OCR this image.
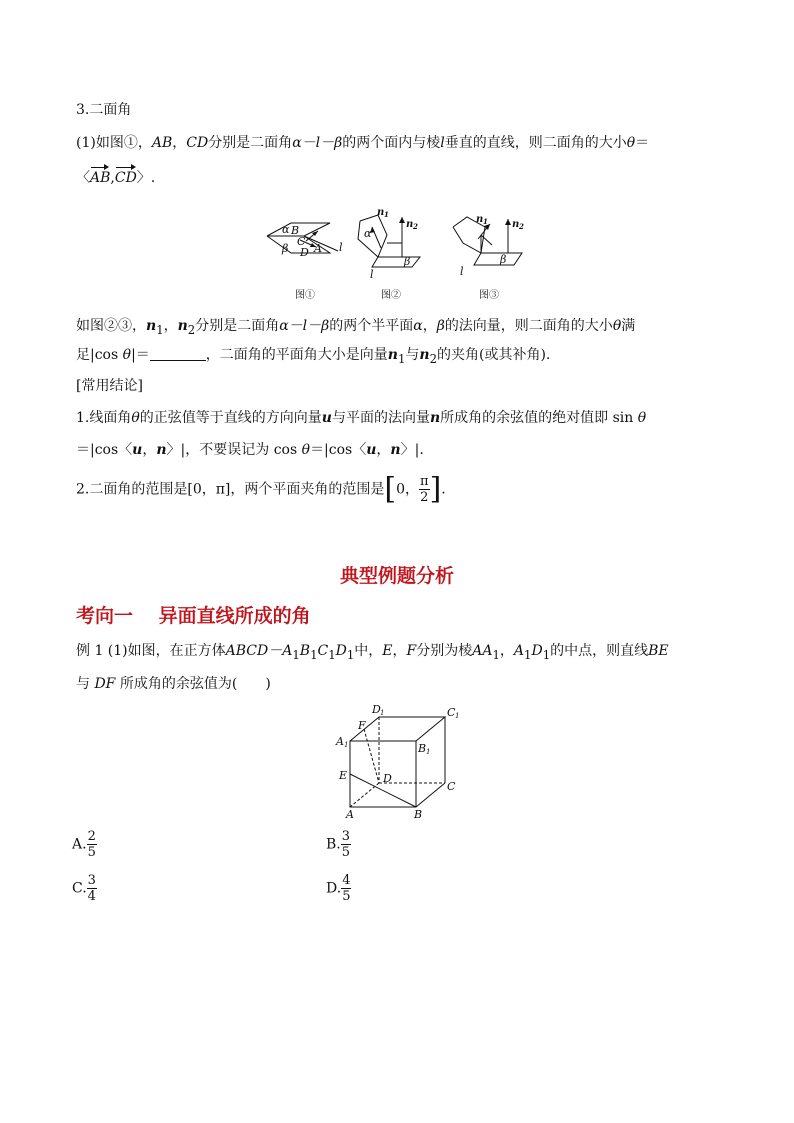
3.二面角
(1)如图①，AB，CD分别是二面角α－l－β的两个面内与棱l垂直的直线，则二面角的大小θ＝
〈AB,CD〉.
α B
C
D A
β	l
α
β
l
β
l
n 1
n 2
n 1 n 2
图①	图②	图③
如图②③，$n_1$，$n_2$分别是二面角α－l－β的两个半平面α，β的法向量，则二面角的大小θ满
足|cos θ|＝	，二面角的平面角大小是向量$n_1$与$n_2$的夹角(或其补角).
[常用结论]
1.线面角θ的正弦值等于直线的方向向量u与平面的法向量n所成角的余弦值的绝对值即 sin θ
＝|cos〈u，n〉|，不要误记为 cos θ＝|cos〈u，n〉|.
2.二面角的范围是[0，π]，两个平面夹角的范围是[0， $\frac{\pi}{2}$ ].
典型例题分析
考向一　 异面直线所成的角
例 1 (1)如图，在正方体$ABCD-A_1B_1C_1D_1$中，E，F分别为棱$AA_1$，$A_1D_1$的中点，则直线BE
与 DF 所成角的余弦值为(　　)
D 1	C 1
F
A 1	B 1
E	D
C
A	B
A. $\frac{2}{5}$	B. $\frac{3}{5}$
C. $\frac{3}{4}$	D. $\frac{4}{5}$
